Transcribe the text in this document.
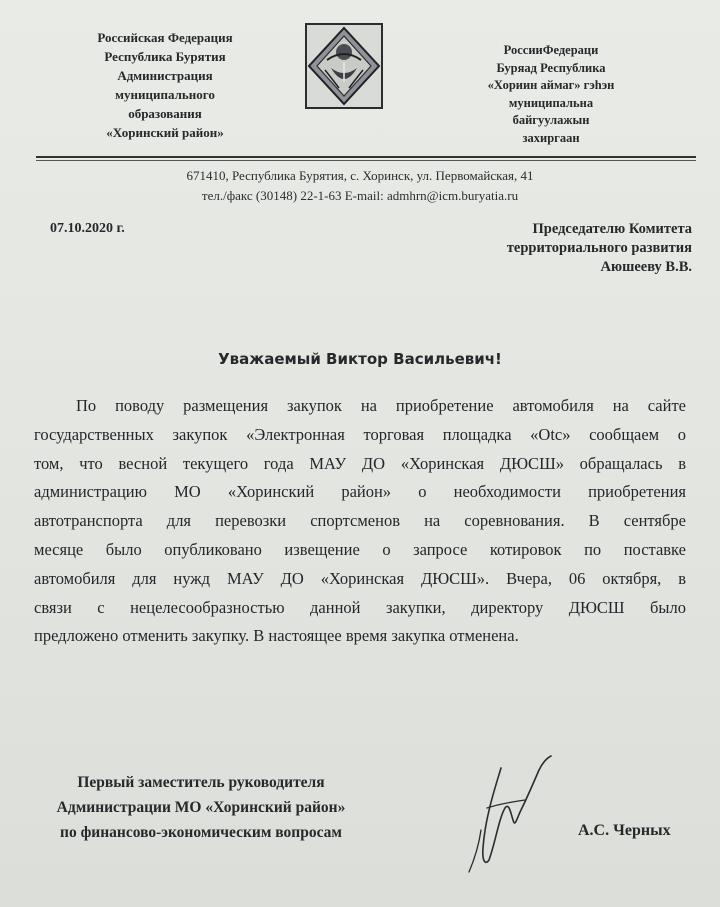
Российская Федерация
Республика Бурятия
Администрация
муниципального
образования
«Хоринский район»
РоссииФедераци
Буряад Республика
«Хориин аймаг» гэһэн
муниципальна
байгуулажын
захиргаан
671410, Республика Бурятия, с. Хоринск, ул. Первомайская, 41
тел./факс (30148) 22-1-63 E-mail: admhrn@icm.buryatia.ru
07.10.2020 г.	Председателю Комитета
территориального развития
Аюшееву В.В.
Уважаемый Виктор Васильевич!
По поводу размещения закупок на приобретение автомобиля на сайте
государственных закупок «Электронная торговая площадка «Otc» сообщаем о
том, что весной текущего года МАУ ДО «Хоринская ДЮСШ» обращалась в
администрацию МО «Хоринский район» о необходимости приобретения
автотранспорта для перевозки спортсменов на соревнования. В сентябре
месяце было опубликовано извещение о запросе котировок по поставке
автомобиля для нужд МАУ ДО «Хоринская ДЮСШ». Вчера, 06 октября, в
связи с нецелесообразностью данной закупки, директору ДЮСШ было
предложено отменить закупку. В настоящее время закупка отменена.
Первый заместитель руководителя
Администрации МО «Хоринский район»
по финансово-экономическим вопросам	А.С. Черных
